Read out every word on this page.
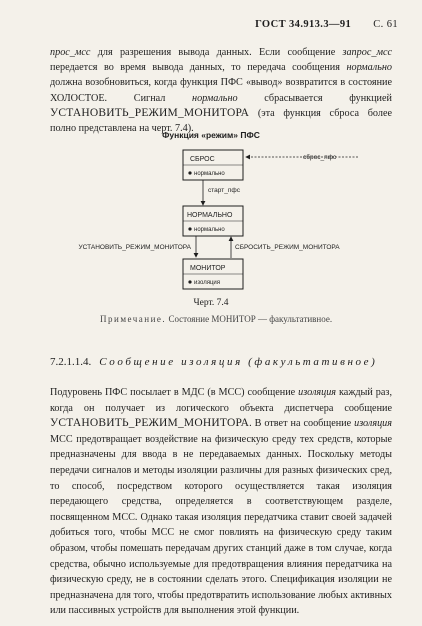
ГОСТ 34.913.3—91 С. 61

прос_мсс для разрешения вывода данных. Если сообщение запрос_мсс передается во время вывода данных, то передача сообщения нормально должна возобновиться, когда функция ПФС «вывод» возвратится в состояние ХОЛОСТОЕ. Сигнал нормально сбрасывается функцией УСТАНОВИТЬ_РЕЖИМ_МОНИТОРА (эта функция сброса более полно представлена на черт. 7.4).

Функция «режим» ПФС
СБРОС
нормально
сброс_пфс
старт_пфс
НОРМАЛЬНО
нормально
УСТАНОВИТЬ_РЕЖИМ_МОНИТОРА	СБРОСИТЬ_РЕЖИМ_МОНИТОРА
МОНИТОР
изоляция
Черт. 7.4
Примечание. Состояние МОНИТОР — факультативное.
7.2.1.1.4. Сообщение изоляция (факультативное)

Подуровень ПФС посылает в МДС (в МСС) сообщение изоляция каждый раз, когда он получает из логического объекта диспетчера сообщение УСТАНОВИТЬ_РЕЖИМ_МОНИТОРА. В ответ на сообщение изоляция МСС предотвращает воздействие на физическую среду тех средств, которые предназначены для ввода в не передаваемых данных. Поскольку методы передачи сигналов и методы изоляции различны для разных физических сред, то способ, посредством которого осуществляется такая изоляция передающего средства, определяется в соответствующем разделе, посвященном МСС. Однако такая изоляция передатчика ставит своей задачей добиться того, чтобы МСС не смог повлиять на физическую среду таким образом, чтобы помешать передачам других станций даже в том случае, когда средства, обычно используемые для предотвращения влияния передатчика на физическую среду, не в состоянии сделать этого. Спецификация изоляции не предназначена для того, чтобы предотвратить использование любых активных или пассивных устройств для выполнения этой функции.
